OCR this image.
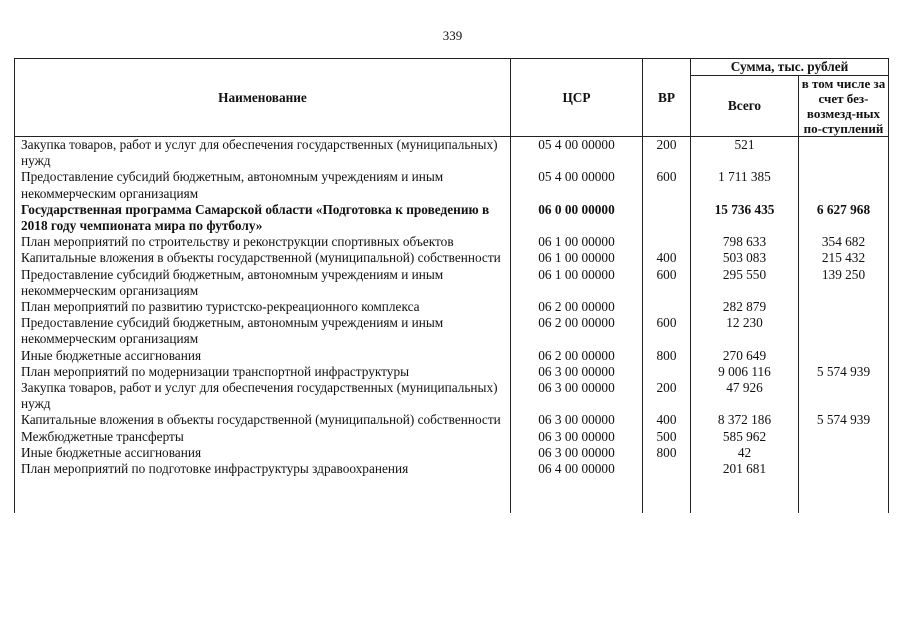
339
Наименование	ЦСР	ВР	Сумма, тыс. рублей	
			Всего	в том числе за счет без-возмезд-ных по-ступлений
Закупка товаров, работ и услуг для обеспечения государственных (муниципальных) нужд	05 4 00 00000	200	521	
Предоставление субсидий бюджетным, автономным учреждениям и иным некоммерческим организациям	05 4 00 00000	600	1 711 385	
Государственная программа Самарской области «Подготовка к проведению в 2018 году чемпионата мира по футболу»	06 0 00 00000		15 736 435	6 627 968
План мероприятий по строительству и реконструкции спортивных объектов	06 1 00 00000		798 633	354 682
Капитальные вложения в объекты государственной (муниципальной) собственности	06 1 00 00000	400	503 083	215 432
Предоставление субсидий бюджетным, автономным учреждениям и иным некоммерческим организациям	06 1 00 00000	600	295 550	139 250
План мероприятий по развитию туристско-рекреационного комплекса	06 2 00 00000		282 879	
Предоставление субсидий бюджетным, автономным учреждениям и иным некоммерческим организациям	06 2 00 00000	600	12 230	
Иные бюджетные ассигнования	06 2 00 00000	800	270 649	
План мероприятий по модернизации транспортной инфраструктуры	06 3 00 00000		9 006 116	5 574 939
Закупка товаров, работ и услуг для обеспечения государственных (муниципальных) нужд	06 3 00 00000	200	47 926	
Капитальные вложения в объекты государственной (муниципальной) собственности	06 3 00 00000	400	8 372 186	5 574 939
Межбюджетные трансферты	06 3 00 00000	500	585 962	
Иные бюджетные ассигнования	06 3 00 00000	800	42	
План мероприятий по подготовке инфраструктуры здравоохранения	06 4 00 00000		201 681	
